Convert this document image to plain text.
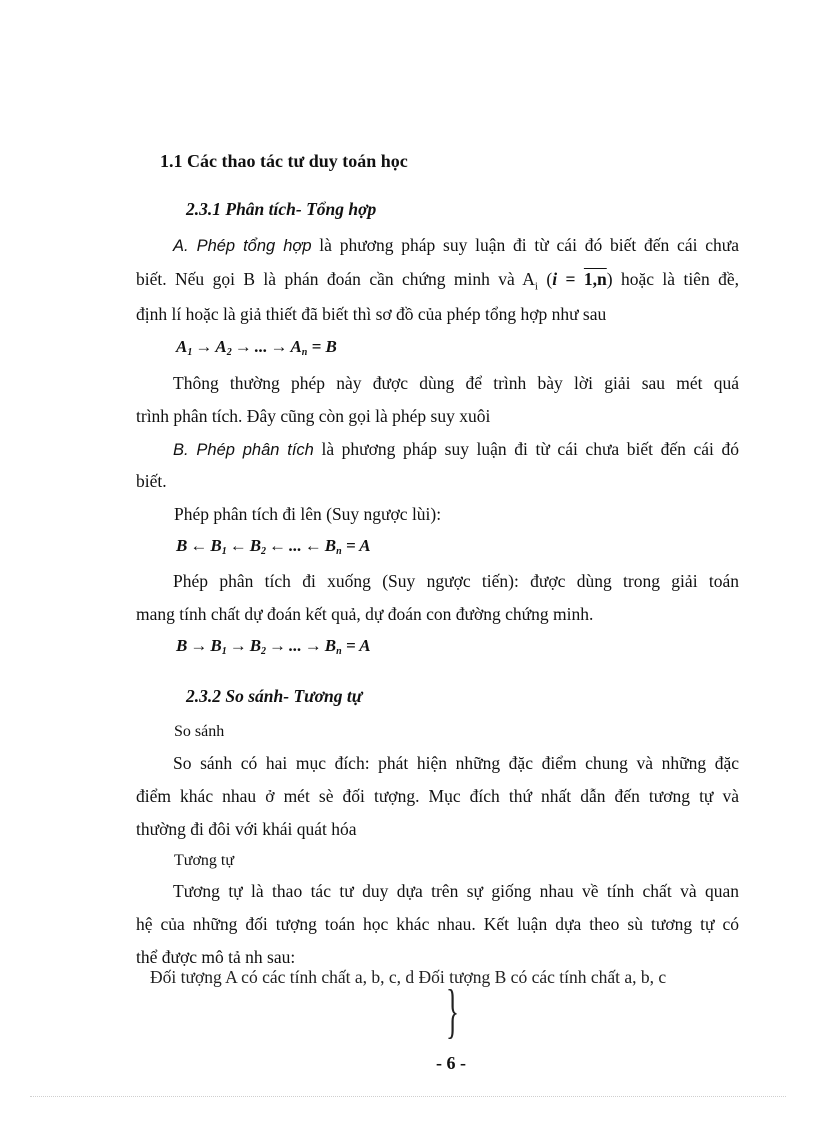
1.1 Các thao tác tư duy toán học
2.3.1 Phân tích- Tổng hợp
A. Phép tổng hợp là phương pháp suy luận đi từ cái đó biết đến cái chưa
biết. Nếu gọi B là phán đoán cần chứng minh và $A_i$ (i = 1,n) hoặc là tiên đề,
định lí hoặc là giả thiết đã biết thì sơ đồ của phép tổng hợp như sau
$A_1 \to A_2$ → ... → $A_n = B$
Thông thường phép này được dùng để trình bày lời giải sau mét quá
trình phân tích. Đây cũng còn gọi là phép suy xuôi
B. Phép phân tích là phương pháp suy luận đi từ cái chưa biết đến cái đó
biết.
Phép phân tích đi lên (Suy ngược lùi):
B ← $B_1$ ← $B_2$ ← ... ← $B_n = A$
Phép phân tích đi xuống (Suy ngược tiến): được dùng trong giải toán
mang tính chất dự đoán kết quả, dự đoán con đường chứng minh.
$B \to B_1 \to B_2$ → ... → $B_n = A$
2.3.2 So sánh- Tương tự
So sánh
So sánh có hai mục đích: phát hiện những đặc điểm chung và những đặc
điểm khác nhau ở mét sè đối tượng. Mục đích thứ nhất dẫn đến tương tự và
thường đi đôi với khái quát hóa
Tương tự
Tương tự là thao tác tư duy dựa trên sự giống nhau về tính chất và quan
hệ của những đối tượng toán học khác nhau. Kết luận dựa theo sù tương tự có
thể được mô tả nh sau:
Đối tượng A có các tính chất a, b, c, d Đối tượng B có các tính chất a, b, c
}
- 6 -
